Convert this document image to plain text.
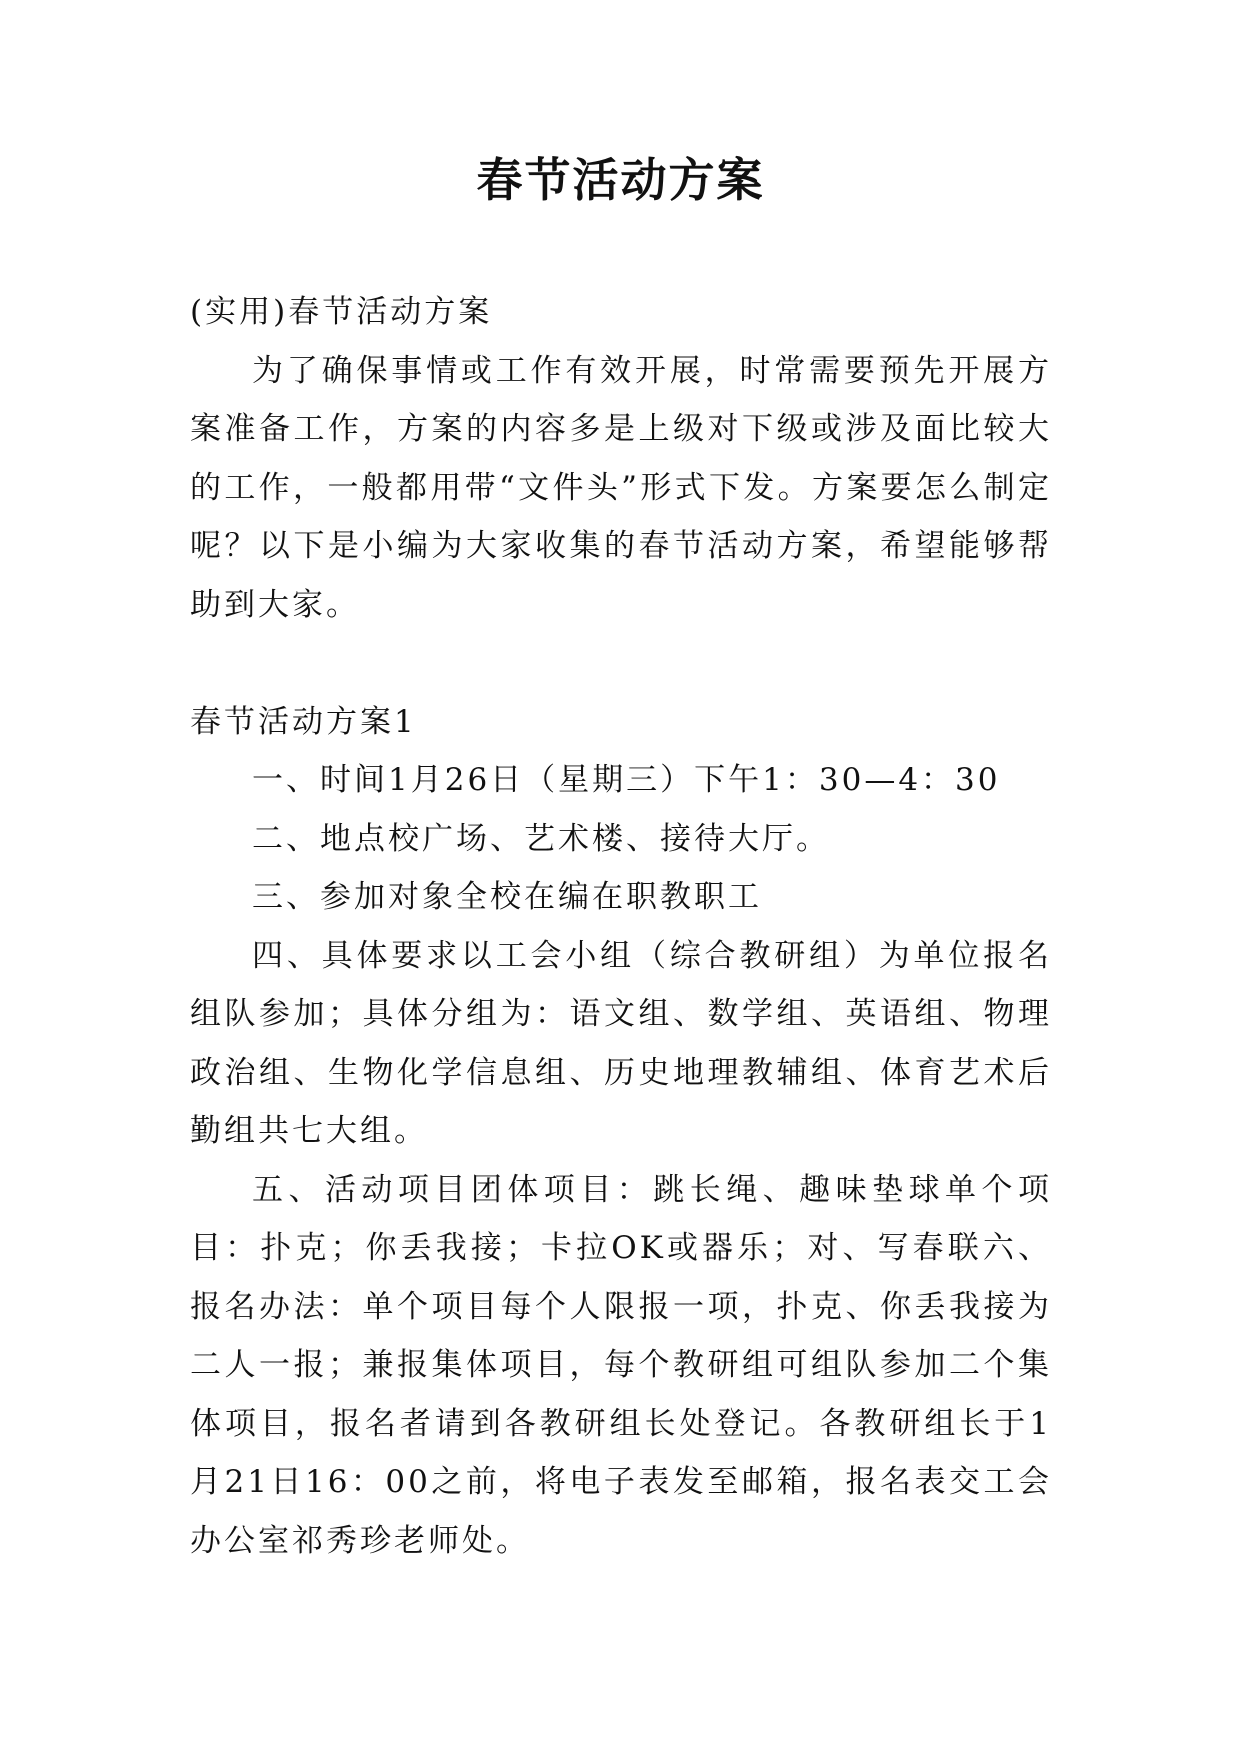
春节活动方案

(实用)春节活动方案

为了确保事情或工作有效开展，时常需要预先开展方案准备工作，方案的内容多是上级对下级或涉及面比较大的工作，一般都用带“文件头”形式下发。方案要怎么制定呢？以下是小编为大家收集的春节活动方案，希望能够帮助到大家。

春节活动方案1

一、时间1月26日（星期三）下午1：30—4：30

二、地点校广场、艺术楼、接待大厅。

三、参加对象全校在编在职教职工

四、具体要求以工会小组（综合教研组）为单位报名组队参加；具体分组为：语文组、数学组、英语组、物理政治组、生物化学信息组、历史地理教辅组、体育艺术后勤组共七大组。

五、活动项目团体项目：跳长绳、趣味垫球单个项目：扑克；你丢我接；卡拉OK或器乐；对、写春联六、报名办法：单个项目每个人限报一项，扑克、你丢我接为二人一报；兼报集体项目，每个教研组可组队参加二个集体项目，报名者请到各教研组长处登记。各教研组长于1月21日16：00之前，将电子表发至邮箱，报名表交工会办公室祁秀珍老师处。
